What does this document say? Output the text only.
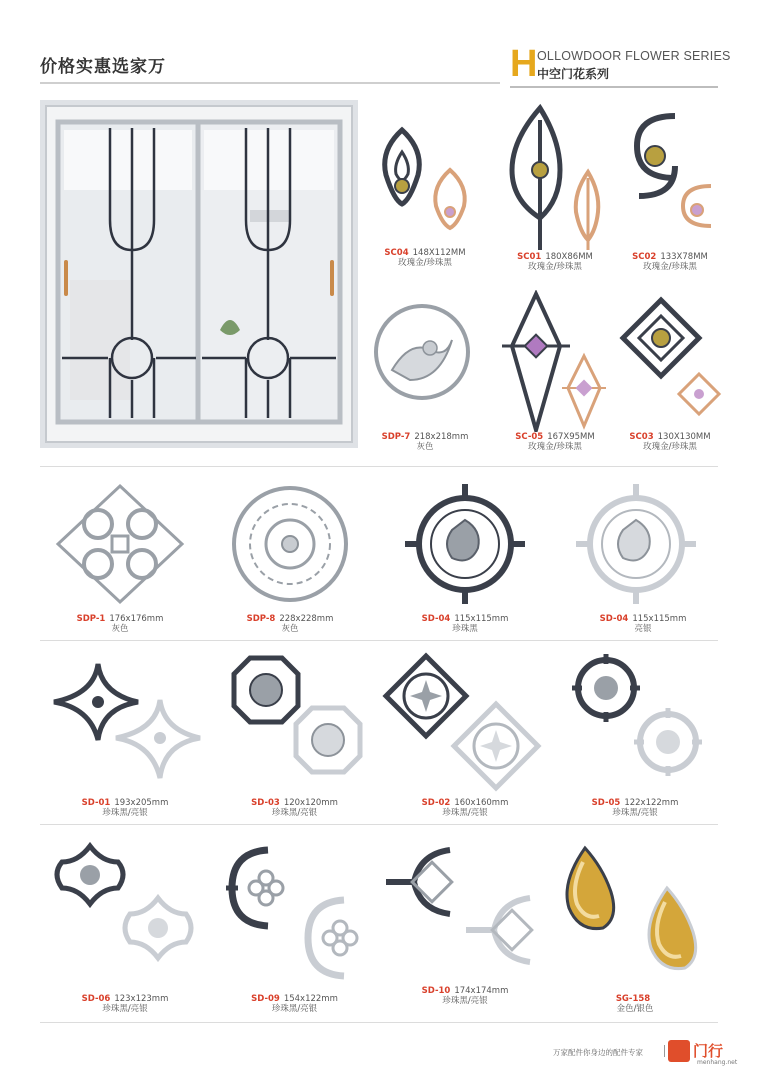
价格实惠选家万	H OLLOWDOOR FLOWER SERIES
中空门花系列
SC04 148X112MM
玫瑰金/珍珠黑
SC01 180X86MM
玫瑰金/珍珠黑
SC02 133X78MM
玫瑰金/珍珠黑
SDP-7 218x218mm
灰色
SC-05 167X95MM
玫瑰金/珍珠黑
SC03 130X130MM
玫瑰金/珍珠黑
SDP-1 176x176mm
灰色
SDP-8 228x228mm
灰色
SD-04 115x115mm
珍珠黑
SD-04 115x115mm
亮银
SD-01 193x205mm
珍珠黑/亮银
SD-03 120x120mm
珍珠黑/亮银
SD-02 160x160mm
珍珠黑/亮银
SD-05 122x122mm
珍珠黑/亮银
SD-06 123x123mm
珍珠黑/亮银
SD-09 154x122mm
珍珠黑/亮银
SD-10 174x174mm
珍珠黑/亮银	SG-158
金色/银色
万家配件你身边的配件专家	门行
menhang.net
